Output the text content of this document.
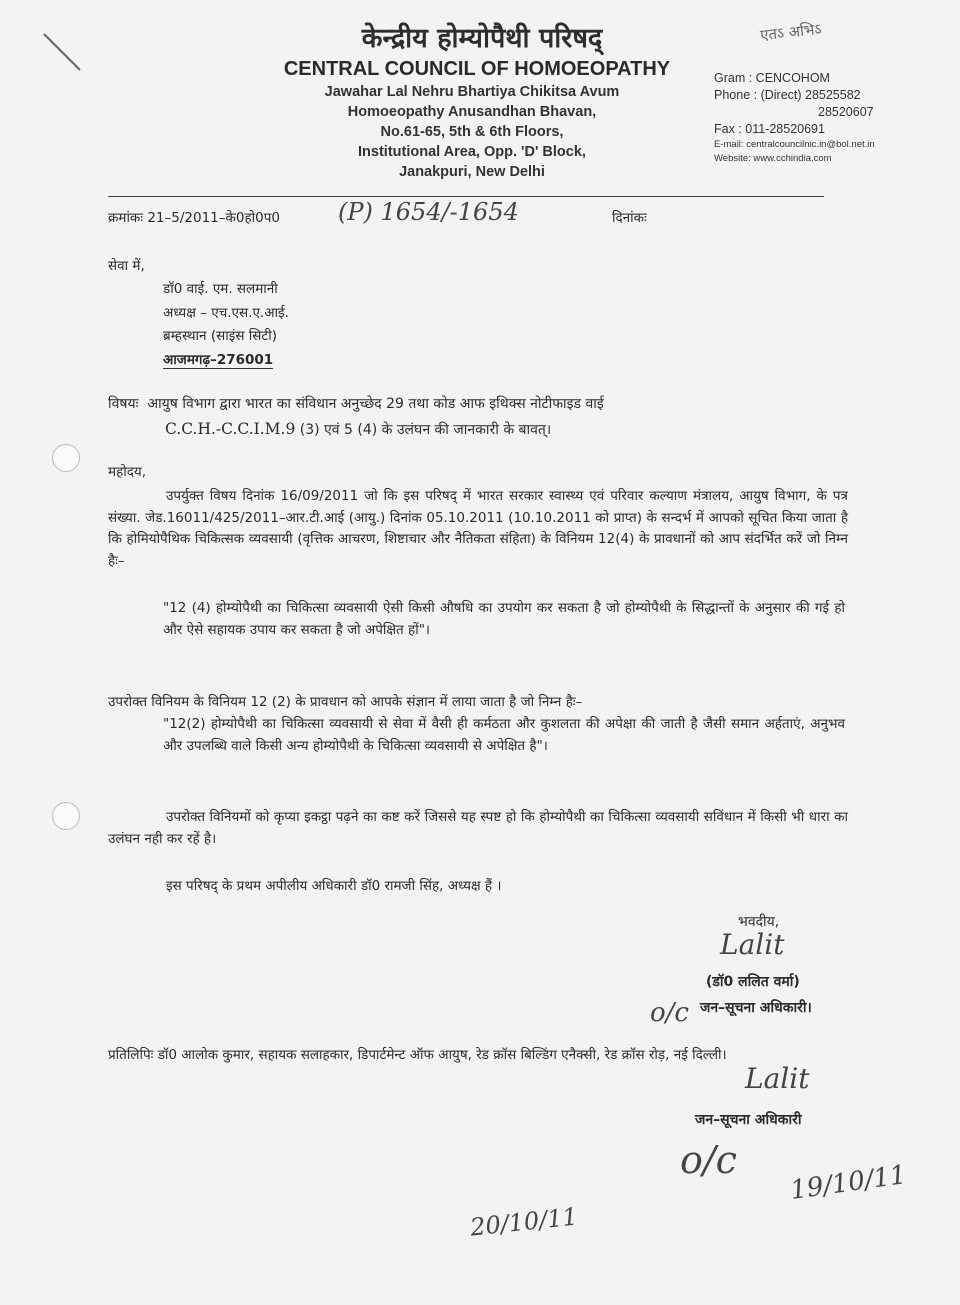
केन्द्रीय होम्योपैथी परिषद्
CENTRAL COUNCIL OF HOMOEOPATHY
Jawahar Lal Nehru Bhartiya Chikitsa Avum
Homoeopathy Anusandhan Bhavan,
No.61-65, 5th & 6th Floors,
Institutional Area, Opp. 'D' Block,
Janakpuri, New Delhi
Gram : CENCOHOM
Phone : (Direct) 28525582
28520607
Fax : 011-28520691
E-mail: centralcouncilnic.in@bol.net.in
Website: www.cchindia.com
एतऽ अभिऽ
क्रमांकः 21–5/2011–के0हो0प0 (P) 1654/-1654	दिनांकः
सेवा में,
डॉ0 वाई. एम. सलमानी
अध्यक्ष – एच.एस.ए.आई.
ब्रम्हस्थान (साइंस सिटी)
आजमगढ़–276001
विषयः आयुष विभाग द्वारा भारत का संविधान अनुच्छेद 29 तथा कोड आफ इथिक्स नोटीफाइड वाई
C.C.H.-C.C.I.M.9 (3) एवं 5 (4) के उलंघन की जानकारी के बावत्।
महोदय,
उपर्युक्त विषय दिनांक 16/09/2011 जो कि इस परिषद् में भारत सरकार स्वास्थ्य एवं परिवार कल्याण मंत्रालय, आयुष विभाग, के पत्र संख्या. जेड.16011/425/2011–आर.टी.आई (आयु.) दिनांक 05.10.2011 (10.10.2011 को प्राप्त) के सन्दर्भ में आपको सूचित किया जाता है कि होमियोपैथिक चिकित्सक व्यवसायी (वृत्तिक आचरण, शिष्टाचार और नैतिकता संहिता) के विनियम 12(4) के प्रावधानों को आप संदर्भित करें जो निम्न हैः–
"12 (4) होम्योपैथी का चिकित्सा व्यवसायी ऐसी किसी औषधि का उपयोग कर सकता है जो होम्योपैथी के सिद्धान्तों के अनुसार की गई हो और ऐसे सहायक उपाय कर सकता है जो अपेक्षित हों"।
उपरोक्त विनियम के विनियम 12 (2) के प्रावधान को आपके संज्ञान में लाया जाता है जो निम्न हैः–
"12(2) होम्योपैथी का चिकित्सा व्यवसायी से सेवा में वैसी ही कर्मठता और कुशलता की अपेक्षा की जाती है जैसी समान अर्हताएं, अनुभव और उपलब्धि वाले किसी अन्य होम्योपैथी के चिकित्सा व्यवसायी से अपेक्षित है"।
उपरोक्त विनियमों को कृप्या इकट्ठा पढ़ने का कष्ट करें जिससे यह स्पष्ट हो कि होम्योपैथी का चिकित्सा व्यवसायी सविंधान में किसी भी धारा का उलंघन नही कर रहें है।
इस परिषद् के प्रथम अपीलीय अधिकारी डॉ0 रामजी सिंह, अध्यक्ष हैं ।
भवदीय,
Lalit
(डॉ0 ललित वर्मा)
o/c जन–सूचना अधिकारी।
प्रतिलिपिः डॉ0 आलोक कुमार, सहायक सलाहकार, डिपार्टमेन्ट ऑफ आयुष, रेड क्रॉस बिल्डिंग एनैक्सी, रेड क्रॉस रोड़, नई दिल्ली।
Lalit
जन–सूचना अधिकारी
o/c
19/10/11
20/10/11
